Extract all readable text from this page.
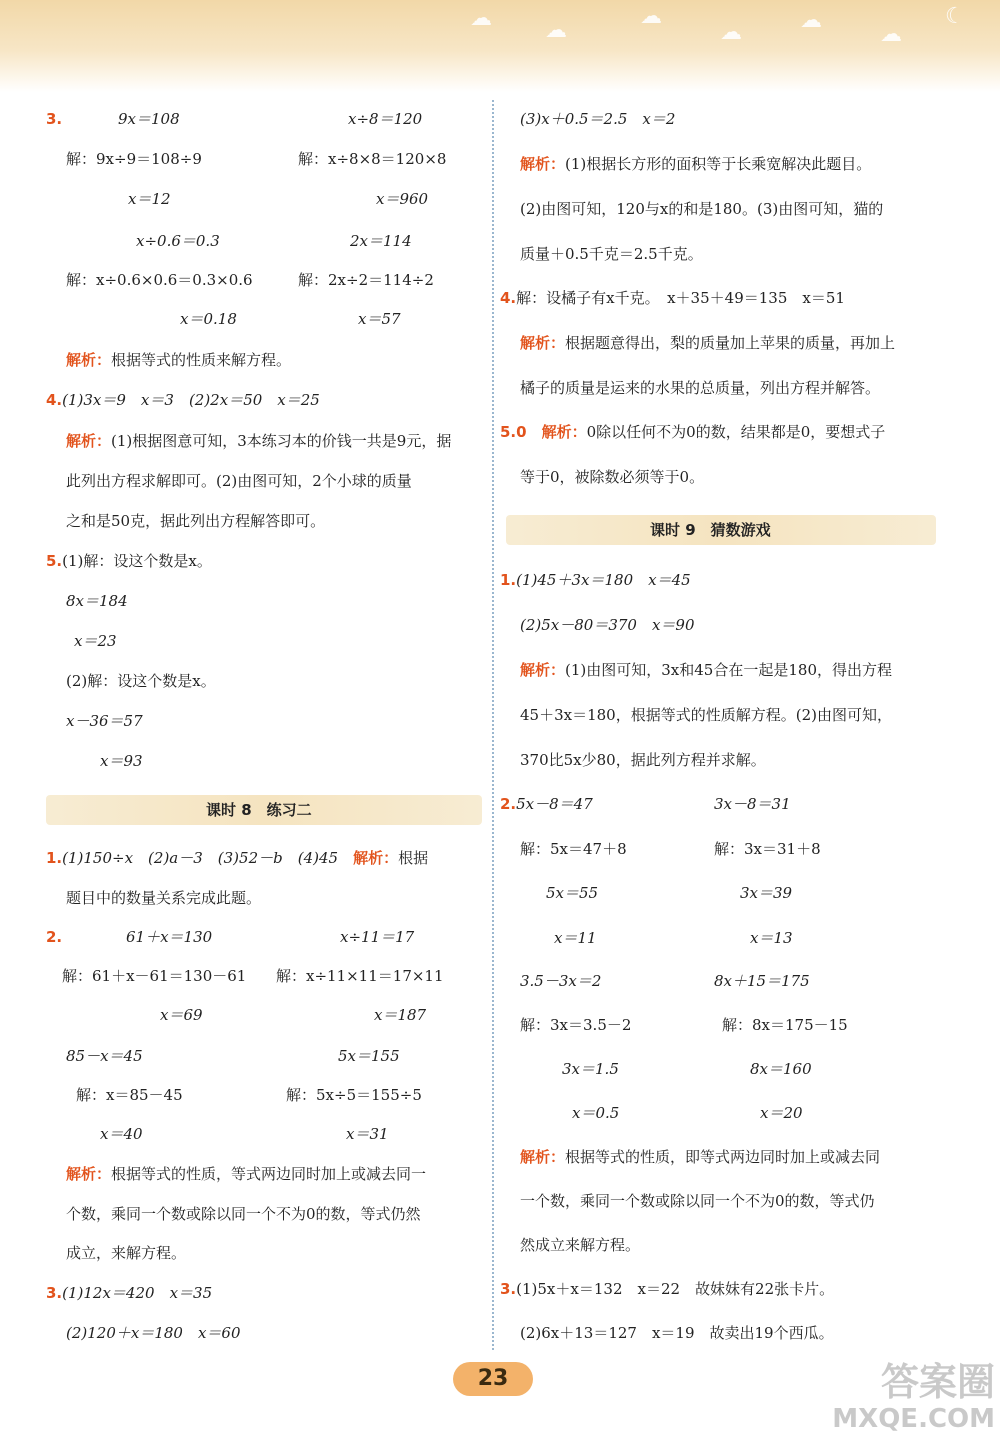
☁ ☁
☁
☁	☁
☁
☾
3.	9x＝108	x÷8＝120
解：9x÷9＝108÷9	解：x÷8×8＝120×8
x＝12	x＝960
x÷0.6＝0.3	2x＝114
解：x÷0.6×0.6＝0.3×0.6	解：2x÷2＝114÷2
x＝0.18	x＝57
解析：根据等式的性质来解方程。
4.(1)3x＝9　x＝3　(2)2x＝50　x＝25
解析：(1)根据图意可知，3本练习本的价钱一共是9元，据
此列出方程求解即可。(2)由图可知，2个小球的质量
之和是50克，据此列出方程解答即可。
5.(1)解：设这个数是x。
8x＝184
x＝23
(2)解：设这个数是x。
x－36＝57
x＝93
课时 8　练习二
1.(1)150÷x　(2)a－3　(3)52－b　(4)45　 解析：根据
题目中的数量关系完成此题。
2.	61＋x＝130	x÷11＝17
解：61＋x－61＝130－61 解：x÷11×11＝17×11
x＝69	x＝187
85－x＝45	5x＝155
解：x＝85－45	解：5x÷5＝155÷5
x＝40	x＝31
解析：根据等式的性质，等式两边同时加上或减去同一
个数，乘同一个数或除以同一个不为0的数，等式仍然
成立，来解方程。
3.(1)12x＝420　x＝35
(2)120＋x＝180　x＝60
(3)x＋0.5＝2.5　x＝2
解析：(1)根据长方形的面积等于长乘宽解决此题目。
(2)由图可知，120与x的和是180。(3)由图可知，猫的
质量＋0.5千克＝2.5千克。
4.解：设橘子有x千克。　x＋35＋49＝135　x＝51
解析：根据题意得出，梨的质量加上苹果的质量，再加上
橘子的质量是运来的水果的总质量，列出方程并解答。
5.0　 解析：0除以任何不为0的数，结果都是0，要想式子
等于0，被除数必须等于0。
课时 9　猜数游戏
1.(1)45＋3x＝180　x＝45
(2)5x－80＝370　x＝90
解析：(1)由图可知，3x和45合在一起是180，得出方程
45＋3x＝180，根据等式的性质解方程。(2)由图可知，
370比5x少80，据此列方程并求解。
2.5x－8＝47	3x－8＝31
解：5x＝47＋8	解：3x＝31＋8
5x＝55	3x＝39
x＝11	x＝13
3.5－3x＝2	8x＋15＝175
解：3x＝3.5－2	解：8x＝175－15
3x＝1.5	8x＝160
x＝0.5	x＝20
解析：根据等式的性质，即等式两边同时加上或减去同
一个数，乘同一个数或除以同一个不为0的数，等式仍
然成立来解方程。
3.(1)5x＋x＝132　x＝22　故妹妹有22张卡片。
(2)6x＋13＝127　x＝19　故卖出19个西瓜。
23	答案圈
MXQE.COM
